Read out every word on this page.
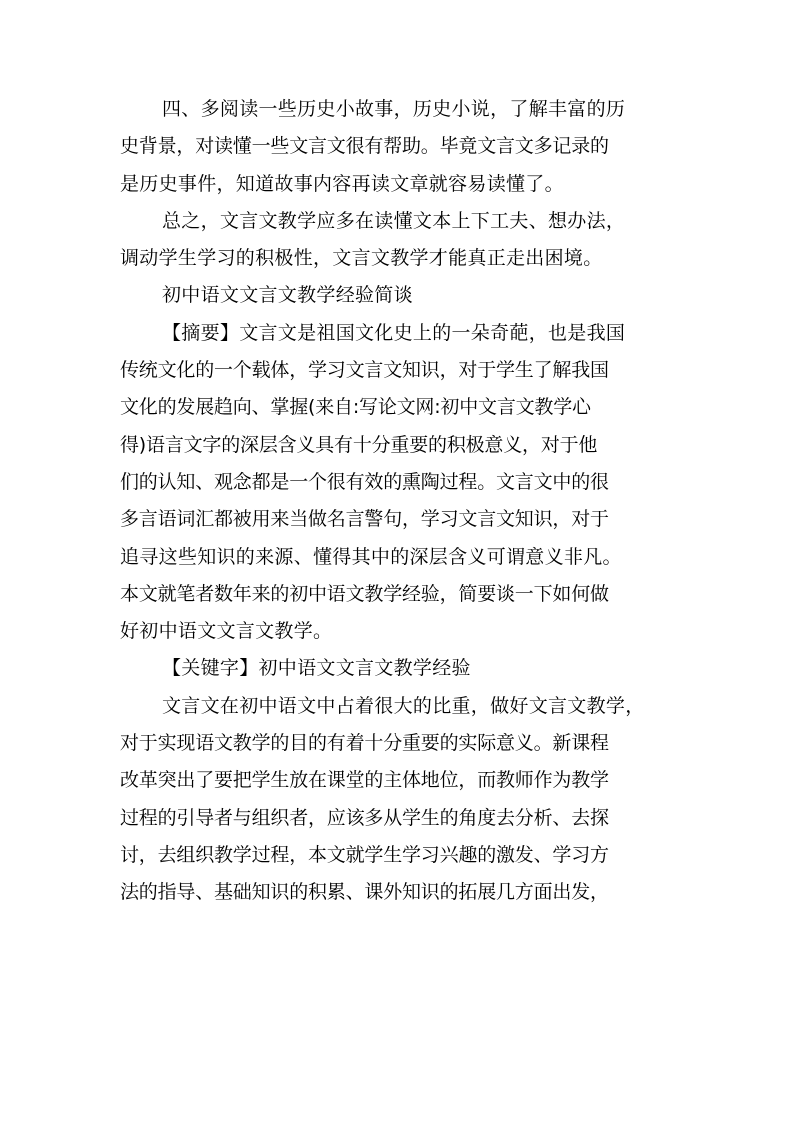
四、多阅读一些历史小故事，历史小说，了解丰富的历
史背景，对读懂一些文言文很有帮助。毕竟文言文多记录的
是历史事件，知道故事内容再读文章就容易读懂了。
总之，文言文教学应多在读懂文本上下工夫、想办法，
调动学生学习的积极性，文言文教学才能真正走出困境。
初中语文文言文教学经验简谈
【摘要】文言文是祖国文化史上的一朵奇葩，也是我国
传统文化的一个载体，学习文言文知识，对于学生了解我国
文化的发展趋向、掌握(来自:写论文网:初中文言文教学心
得)语言文字的深层含义具有十分重要的积极意义，对于他
们的认知、观念都是一个很有效的熏陶过程。文言文中的很
多言语词汇都被用来当做名言警句，学习文言文知识，对于
追寻这些知识的来源、懂得其中的深层含义可谓意义非凡。
本文就笔者数年来的初中语文教学经验，简要谈一下如何做
好初中语文文言文教学。
【关键字】初中语文文言文教学经验
文言文在初中语文中占着很大的比重，做好文言文教学，
对于实现语文教学的目的有着十分重要的实际意义。新课程
改革突出了要把学生放在课堂的主体地位，而教师作为教学
过程的引导者与组织者，应该多从学生的角度去分析、去探
讨，去组织教学过程，本文就学生学习兴趣的激发、学习方
法的指导、基础知识的积累、课外知识的拓展几方面出发，
